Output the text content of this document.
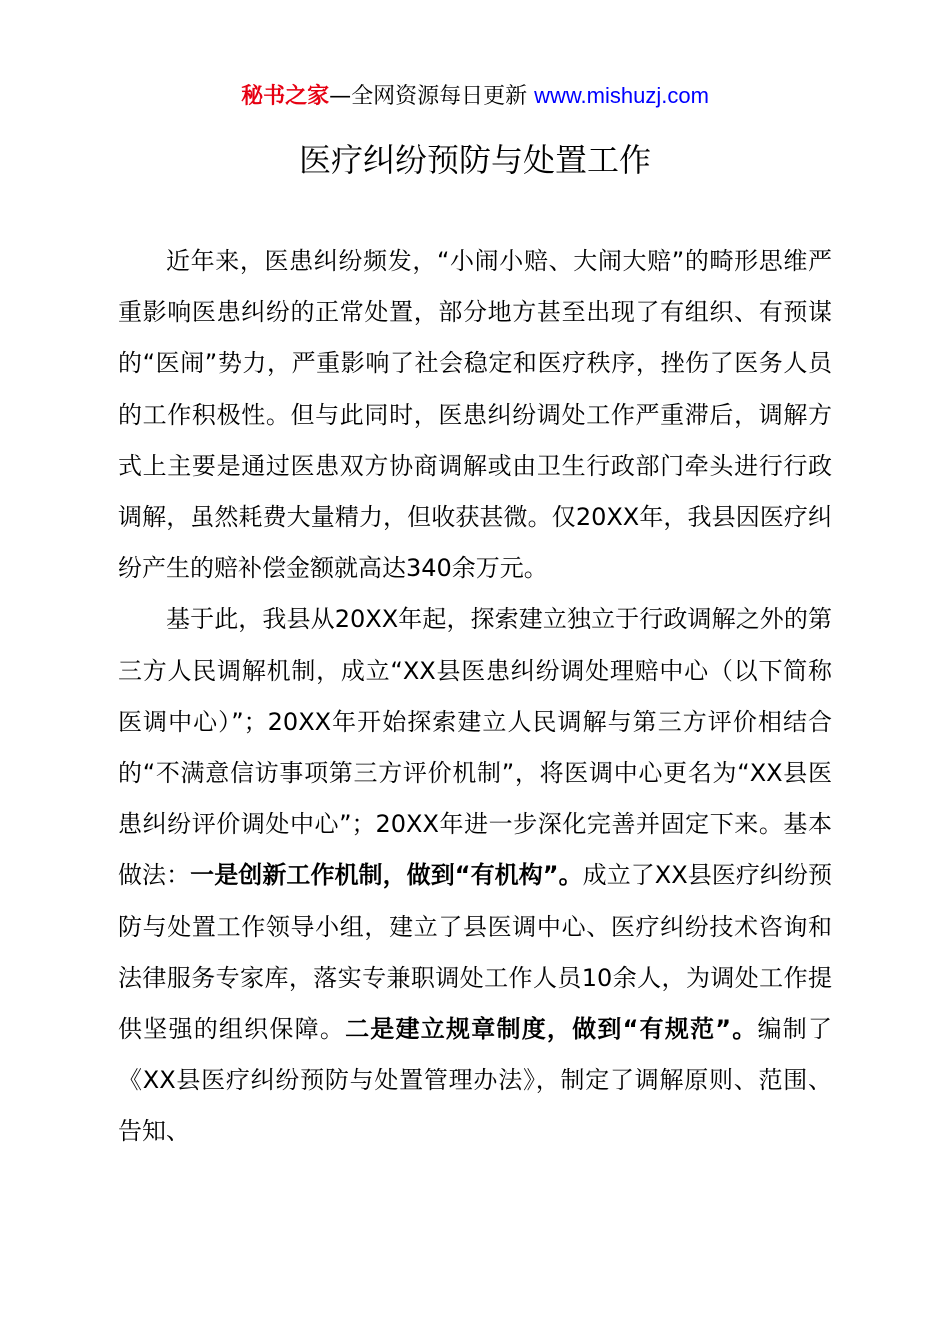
秘书之家—全网资源每日更新 www.mishuzj.com
医疗纠纷预防与处置工作

近年来，医患纠纷频发，“小闹小赔、大闹大赔”的畸形思维严重影响医患纠纷的正常处置，部分地方甚至出现了有组织、有预谋的“医闹”势力，严重影响了社会稳定和医疗秩序，挫伤了医务人员的工作积极性。但与此同时，医患纠纷调处工作严重滞后，调解方式上主要是通过医患双方协商调解或由卫生行政部门牵头进行行政调解，虽然耗费大量精力，但收获甚微。仅20XX年，我县因医疗纠纷产生的赔补偿金额就高达340余万元。

基于此，我县从20XX年起，探索建立独立于行政调解之外的第三方人民调解机制，成立“XX县医患纠纷调处理赔中心（以下简称医调中心）”；20XX年开始探索建立人民调解与第三方评价相结合的“不满意信访事项第三方评价机制”，将医调中心更名为“XX县医患纠纷评价调处中心”；20XX年进一步深化完善并固定下来。基本做法：一是创新工作机制，做到“有机构”。成立了XX县医疗纠纷预防与处置工作领导小组，建立了县医调中心、医疗纠纷技术咨询和法律服务专家库，落实专兼职调处工作人员10余人，为调处工作提供坚强的组织保障。二是建立规章制度，做到“有规范”。编制了《XX县医疗纠纷预防与处置管理办法》，制定了调解原则、范围、告知、
